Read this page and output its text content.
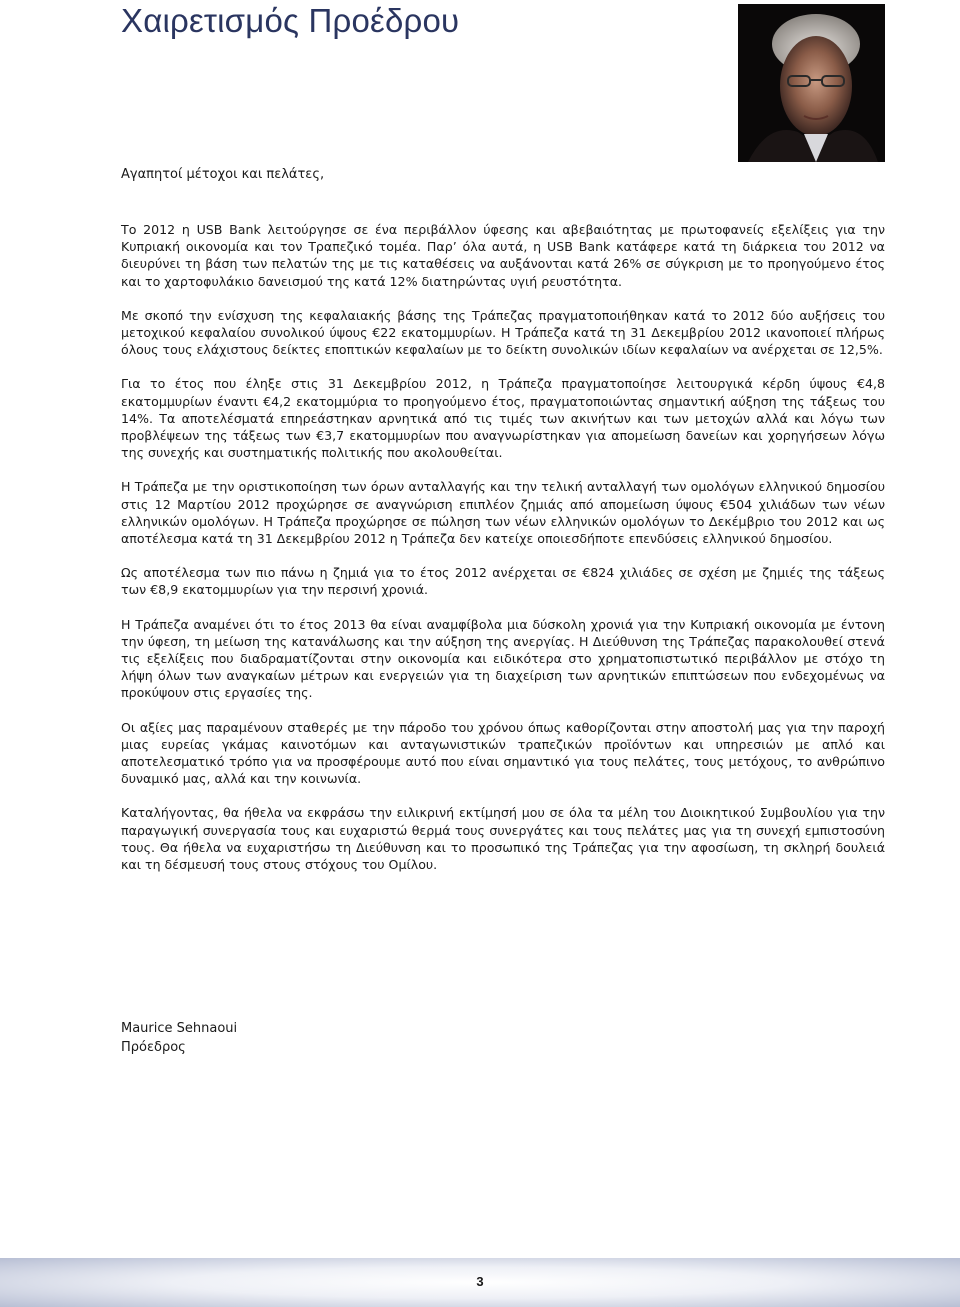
Χαιρετισμός Προέδρου
Αγαπητοί μέτοχοι και πελάτες,

Το 2012 η USB Bank λειτούργησε σε ένα περιβάλλον ύφεσης και αβεβαιότητας με πρωτοφανείς εξελίξεις για την Κυπριακή οικονομία και τον Τραπεζικό τομέα. Παρ’ όλα αυτά, η USB Bank κατάφερε κατά τη διάρκεια του 2012 να διευρύνει τη βάση των πελατών της με τις καταθέσεις να αυξάνονται κατά 26% σε σύγκριση με το προηγούμενο έτος και το χαρτοφυλάκιο δανεισμού της κατά 12% διατηρώντας υγιή ρευστότητα.

Με σκοπό την ενίσχυση της κεφαλαιακής βάσης της Τράπεζας πραγματοποιήθηκαν κατά το 2012 δύο αυξήσεις του μετοχικού κεφαλαίου συνολικού ύψους €22 εκατομμυρίων. Η Τράπεζα κατά τη 31 Δεκεμβρίου 2012 ικανοποιεί πλήρως όλους τους ελάχιστους δείκτες εποπτικών κεφαλαίων με το δείκτη συνολικών ιδίων κεφαλαίων να ανέρχεται σε 12,5%.

Για το έτος που έληξε στις 31 Δεκεμβρίου 2012, η Τράπεζα πραγματοποίησε λειτουργικά κέρδη ύψους €4,8 εκατομμυρίων έναντι €4,2 εκατομμύρια το προηγούμενο έτος, πραγματοποιώντας σημαντική αύξηση της τάξεως του 14%. Τα αποτελέσματά επηρεάστηκαν αρνητικά από τις τιμές των ακινήτων και των μετοχών αλλά και λόγω των προβλέψεων της τάξεως των €3,7 εκατομμυρίων που αναγνωρίστηκαν για απομείωση δανείων και χορηγήσεων λόγω της συνεχής και συστηματικής πολιτικής που ακολουθείται.

Η Τράπεζα με την οριστικοποίηση των όρων ανταλλαγής και την τελική ανταλλαγή των ομολόγων ελληνικού δημοσίου στις 12 Μαρτίου 2012 προχώρησε σε αναγνώριση επιπλέον ζημιάς από απομείωση ύψους €504 χιλιάδων των νέων ελληνικών ομολόγων. Η Τράπεζα προχώρησε σε πώληση των νέων ελληνικών ομολόγων το Δεκέμβριο του 2012 και ως αποτέλεσμα κατά τη 31 Δεκεμβρίου 2012 η Τράπεζα δεν κατείχε οποιεσδήποτε επενδύσεις ελληνικού δημοσίου.

Ως αποτέλεσμα των πιο πάνω η ζημιά για το έτος 2012 ανέρχεται σε €824 χιλιάδες σε σχέση με ζημιές της τάξεως των €8,9 εκατομμυρίων για την περσινή χρονιά.

Η Τράπεζα αναμένει ότι το έτος 2013 θα είναι αναμφίβολα μια δύσκολη χρονιά για την Κυπριακή οικονομία με έντονη την ύφεση, τη μείωση της κατανάλωσης και την αύξηση της ανεργίας. Η Διεύθυνση της Τράπεζας παρακολουθεί στενά τις εξελίξεις που διαδραματίζονται στην οικονομία και ειδικότερα στο χρηματοπιστωτικό περιβάλλον με στόχο τη λήψη όλων των αναγκαίων μέτρων και ενεργειών για τη διαχείριση των αρνητικών επιπτώσεων που ενδεχομένως να προκύψουν στις εργασίες της.

Οι αξίες μας παραμένουν σταθερές με την πάροδο του χρόνου όπως καθορίζονται στην αποστολή μας για την παροχή μιας ευρείας γκάμας καινοτόμων και ανταγωνιστικών τραπεζικών προϊόντων και υπηρεσιών με απλό και αποτελεσματικό τρόπο για να προσφέρουμε αυτό που είναι σημαντικό για τους πελάτες, τους μετόχους, το ανθρώπινο δυναμικό μας, αλλά και την κοινωνία.

Καταλήγοντας, θα ήθελα να εκφράσω την ειλικρινή εκτίμησή μου σε όλα τα μέλη του Διοικητικού Συμβουλίου για την παραγωγική συνεργασία τους και ευχαριστώ θερμά τους συνεργάτες και τους πελάτες μας για τη συνεχή εμπιστοσύνη τους. Θα ήθελα να ευχαριστήσω τη Διεύθυνση και το προσωπικό της Τράπεζας για την αφοσίωση, τη σκληρή δουλειά και τη δέσμευσή τους στους στόχους του Ομίλου.

Maurice Sehnaoui
Πρόεδρος
3
